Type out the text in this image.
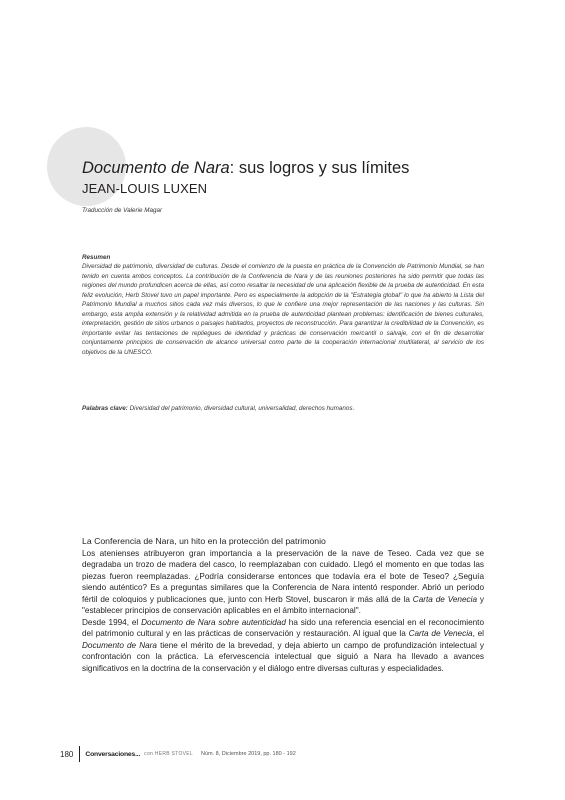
Documento de Nara: sus logros y sus límites
JEAN-LOUIS LUXEN
Traducción de Valerie Magar
Resumen
Diversidad de patrimonio, diversidad de culturas. Desde el comienzo de la puesta en práctica de la Convención de Patrimonio Mundial, se han tenido en cuenta ambos conceptos. La contribución de la Conferencia de Nara y de las reuniones posteriores ha sido permitir que todas las regiones del mundo profundicen acerca de ellas, así como resaltar la necesidad de una aplicación flexible de la prueba de autenticidad. En esta feliz evolución, Herb Stovel tuvo un papel importante. Pero es especialmente la adopción de la "Estrategia global" lo que ha abierto la Lista del Patrimonio Mundial a muchos sitios cada vez más diversos, lo que le confiere una mejor representación de las naciones y las culturas. Sin embargo, esta amplia extensión y la relatividad admitida en la prueba de autenticidad plantean problemas: identificación de bienes culturales, interpretación, gestión de sitios urbanos o paisajes habitados, proyectos de reconstrucción. Para garantizar la credibilidad de la Convención, es importante evitar las tentaciones de repliegues de identidad y prácticas de conservación mercantil o salvaje, con el fin de desarrollar conjuntamente principios de conservación de alcance universal como parte de la cooperación internacional multilateral, al servicio de los objetivos de la UNESCO.
Palabras clave: Diversidad del patrimonio, diversidad cultural, universalidad, derechos humanos.
La Conferencia de Nara, un hito en la protección del patrimonio

Los atenienses atribuyeron gran importancia a la preservación de la nave de Teseo. Cada vez que se degradaba un trozo de madera del casco, lo reemplazaban con cuidado. Llegó el momento en que todas las piezas fueron reemplazadas. ¿Podría considerarse entonces que todavía era el bote de Teseo? ¿Seguía siendo auténtico? Es a preguntas similares que la Conferencia de Nara intentó responder. Abrió un periodo fértil de coloquios y publicaciones que, junto con Herb Stovel, buscaron ir más allá de la Carta de Venecia y "establecer principios de conservación aplicables en el ámbito internacional".

Desde 1994, el Documento de Nara sobre autenticidad ha sido una referencia esencial en el reconocimiento del patrimonio cultural y en las prácticas de conservación y restauración. Al igual que la Carta de Venecia, el Documento de Nara tiene el mérito de la brevedad, y deja abierto un campo de profundización intelectual y confrontación con la práctica. La efervescencia intelectual que siguió a Nara ha llevado a avances significativos en la doctrina de la conservación y el diálogo entre diversas culturas y especialidades.

180 Conversaciones... con HERB STOVEL Núm. 8, Diciembre 2019, pp. 180 - 192
